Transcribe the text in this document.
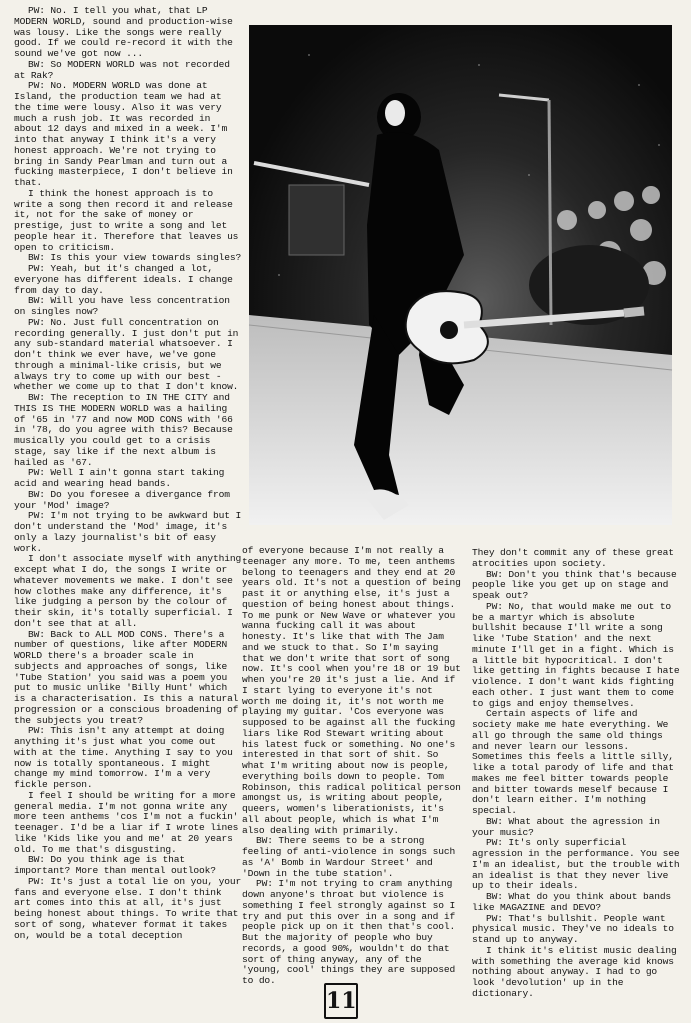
PW: No. I tell you what, that LP MODERN WORLD, sound and production-wise was lousy. Like the songs were really good. If we could re-record it with the sound we've got now ...

BW: So MODERN WORLD was not recorded at Rak?

PW: No. MODERN WORLD was done at Island, the production team we had at the time were lousy. Also it was very much a rush job. It was recorded in about 12 days and mixed in a week. I'm into that anyway I think it's a very honest approach. We're not trying to bring in Sandy Pearlman and turn out a fucking masterpiece, I don't believe in that.

I think the honest approach is to write a song then record it and release it, not for the sake of money or prestige, just to write a song and let people hear it. Therefore that leaves us open to criticism.

BW: Is this your view towards singles?

PW: Yeah, but it's changed a lot, everyone has different ideals. I change from day to day.

BW: Will you have less concentration on singles now?

PW: No. Just full concentration on recording generally. I just don't put in any sub-standard material whatsoever. I don't think we ever have, we've gone through a minimal-like crisis, but we always try to come up with our best - whether we come up to that I don't know.

BW: The reception to IN THE CITY and THIS IS THE MODERN WORLD was a hailing of '65 in '77 and now MOD CONS with '66 in '78, do you agree with this? Because musically you could get to a crisis stage, say like if the next album is hailed as '67.

PW: Well I ain't gonna start taking acid and wearing head bands.

BW: Do you foresee a divergance from your 'Mod' image?

PW: I'm not trying to be awkward but I don't understand the 'Mod' image, it's only a lazy journalist's bit of easy work.

I don't associate myself with anything except what I do, the songs I write or whatever movements we make. I don't see how clothes make any difference, it's like judging a person by the colour of their skin, it's totally superficial. I don't see that at all.

BW: Back to ALL MOD CONS. There's a number of questions, like after MODERN WORLD there's a broader scale in subjects and approaches of songs, like 'Tube Station' you said was a poem you put to music unlike 'Billy Hunt' which is a characterisation. Is this a natural progression or a conscious broadening of the subjects you treat?

PW: This isn't any attempt at doing anything it's just what you come out with at the time. Anything I say to you now is totally spontaneous. I might change my mind tomorrow. I'm a very fickle person.

I feel I should be writing for a more general media. I'm not gonna write any more teen anthems 'cos I'm not a fuckin' teenager. I'd be a liar if I wrote lines like 'Kids like you and me' at 20 years old. To me that's disgusting.

BW: Do you think age is that important? More than mental outlook?

PW: It's just a total lie on you, your fans and everyone else. I don't think art comes into this at all, it's just being honest about things. To write that sort of song, whatever format it takes on, would be a total deception

of everyone because I'm not really a teenager any more. To me, teen anthems belong to teenagers and they end at 20 years old. It's not a question of being past it or anything else, it's just a question of being honest about things. To me punk or New Wave or whatever you wanna fucking call it was about honesty. It's like that with The Jam and we stuck to that. So I'm saying that we don't write that sort of song now. It's cool when you're 18 or 19 but when you're 20 it's just a lie. And if I start lying to everyone it's not worth me doing it, it's not worth me playing my guitar. 'Cos everyone was supposed to be against all the fucking liars like Rod Stewart writing about his latest fuck or something. No one's interested in that sort of shit. So what I'm writing about now is people, everything boils down to people. Tom Robinson, this radical political person amongst us, is writing about people, queers, women's liberationists, it's all about people, which is what I'm also dealing with primarily.

BW: There seems to be a strong feeling of anti-violence in songs such as 'A' Bomb in Wardour Street' and 'Down in the tube station'.

PW: I'm not trying to cram anything down anyone's throat but violence is something I feel strongly against so I try and put this over in a song and if people pick up on it then that's cool. But the majority of people who buy records, a good 90%, wouldn't do that sort of thing anyway, any of the 'young, cool' things they are supposed to do.

They don't commit any of these great atrocities upon society.

BW: Don't you think that's because people like you get up on stage and speak out?

PW: No, that would make me out to be a martyr which is absolute bullshit because I'll write a song like 'Tube Station' and the next minute I'll get in a fight. Which is a little bit hypocritical. I don't like getting in fights because I hate violence. I don't want kids fighting each other. I just want them to come to gigs and enjoy themselves.

Certain aspects of life and society make me hate everything. We all go through the same old things and never learn our lessons. Sometimes this feels a little silly, like a total parody of life and that makes me feel bitter towards people and bitter towards meself because I don't learn either. I'm nothing special.

BW: What about the agression in your music?

PW: It's only superficial agression in the performance. You see I'm an idealist, but the trouble with an idealist is that they never live up to their ideals.

BW: What do you think about bands like MAGAZINE and DEVO?

PW: That's bullshit. People want physical music. They've no ideals to stand up to anyway.

I think it's elitist music dealing with something the average kid knows nothing about anyway. I had to go look 'devolution' up in the dictionary.

11
